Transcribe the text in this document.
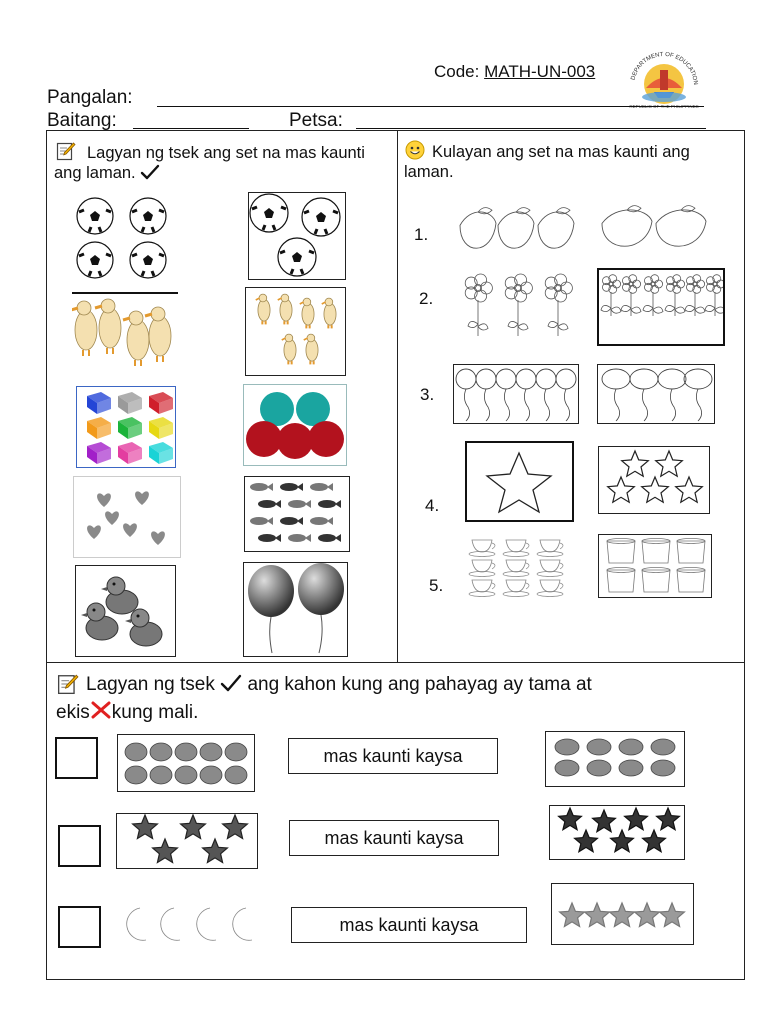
Code: MATH-UN-003	DEPARTMENT OF EDUCATION
REPUBLIC OF THE PHILIPPINES
Pangalan:
Baitang:	Petsa:
Lagyan ng tsek ang set na mas kaunti ang laman.
Kulayan ang set na mas kaunti ang laman.
1.
2.
3.
4.
5.
Lagyan ng tsek ang kahon kung ang pahayag ay tama at
ekis kung mali.
mas kaunti kaysa
mas kaunti kaysa
mas kaunti kaysa
